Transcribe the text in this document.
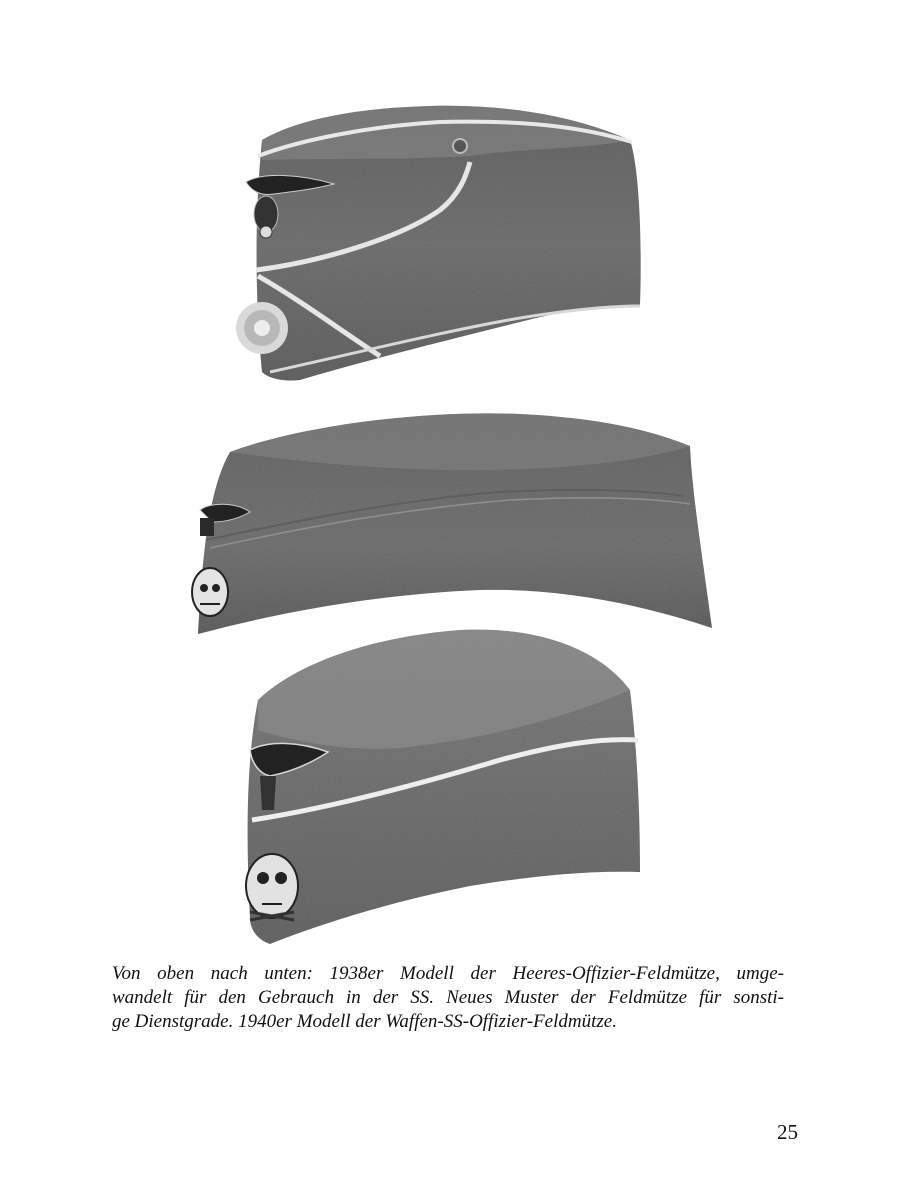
Von oben nach unten: 1938er Modell der Heeres-Offizier-Feldmütze, umge-
wandelt für den Gebrauch in der SS. Neues Muster der Feldmütze für sonsti-
ge Dienstgrade. 1940er Modell der Waffen-SS-Offizier-Feldmütze.
25
